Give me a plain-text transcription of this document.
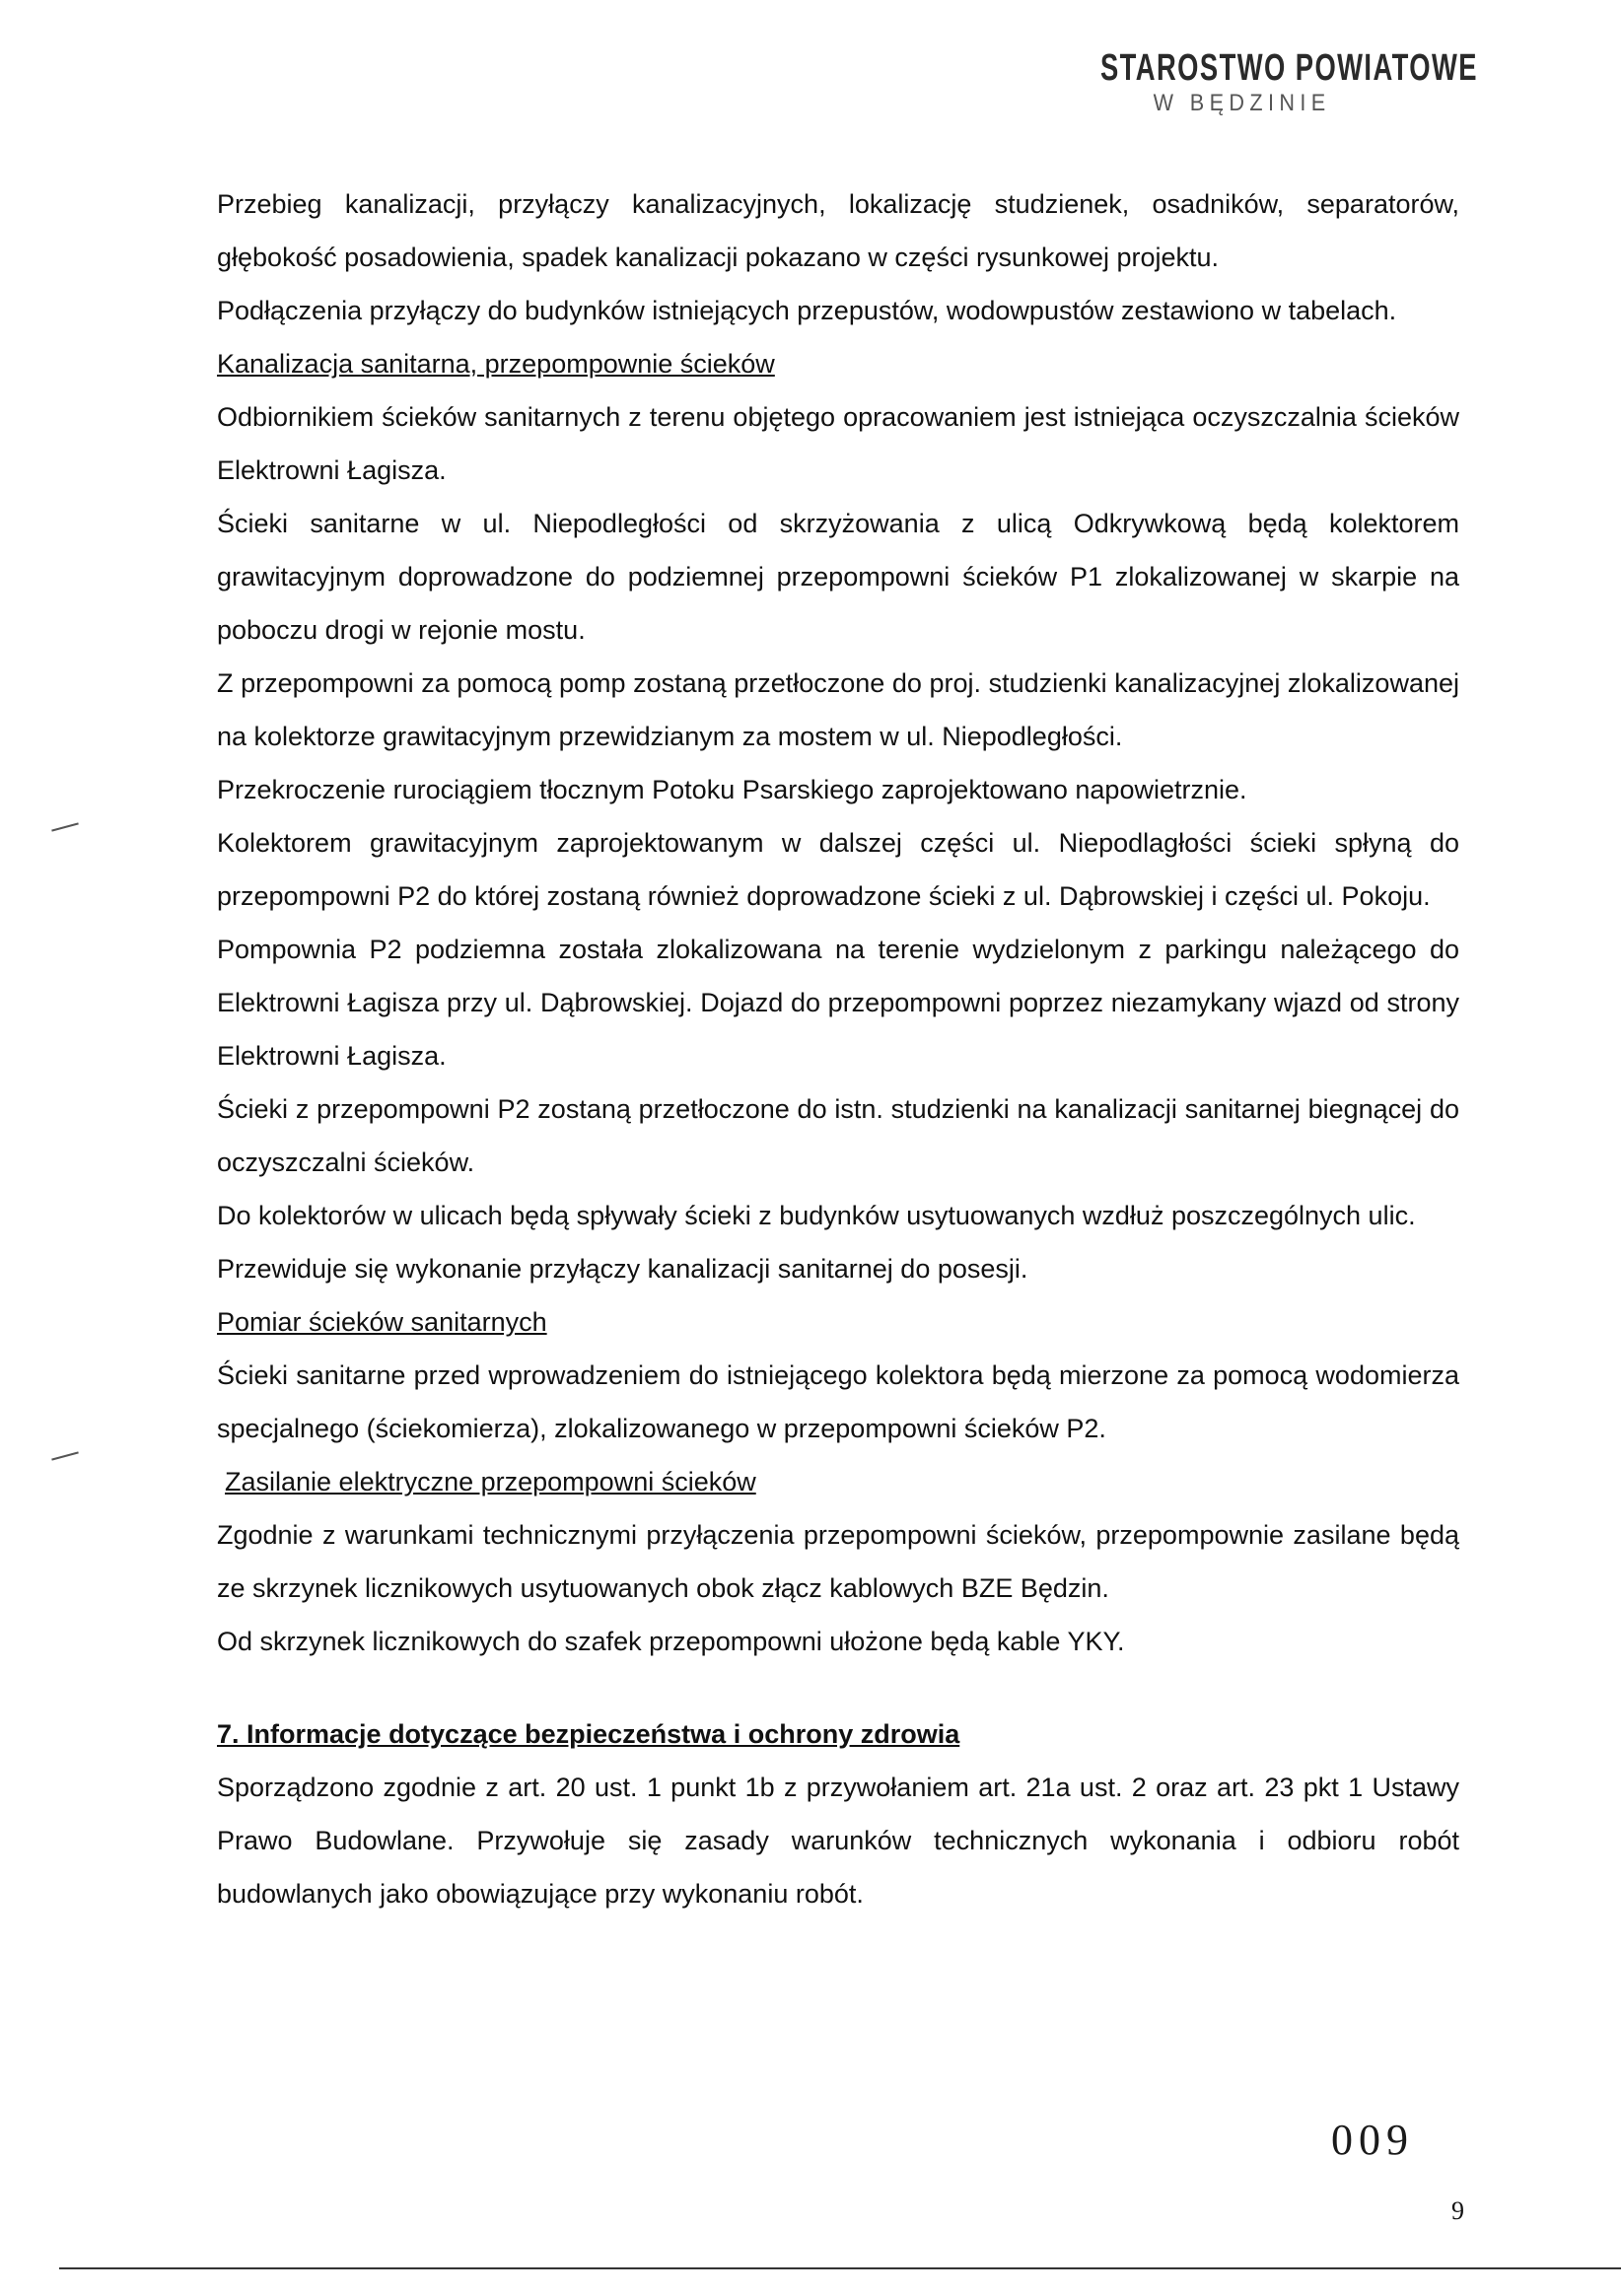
STAROSTWO POWIATOWE
W BĘDZINIE

Przebieg kanalizacji, przyłączy kanalizacyjnych, lokalizację studzienek, osadników, separatorów, głębokość posadowienia, spadek kanalizacji pokazano w części rysunkowej projektu.

Podłączenia przyłączy do budynków istniejących przepustów, wodowpustów zestawiono w tabelach.

Kanalizacja sanitarna, przepompownie ścieków

Odbiornikiem ścieków sanitarnych z terenu objętego opracowaniem jest istniejąca oczyszczalnia ścieków Elektrowni Łagisza.

Ścieki sanitarne w ul. Niepodległości od skrzyżowania z ulicą Odkrywkową będą kolektorem grawitacyjnym doprowadzone do podziemnej przepompowni ścieków P1 zlokalizowanej w skarpie na poboczu drogi w rejonie mostu.

Z przepompowni za pomocą pomp zostaną przetłoczone do proj. studzienki kanalizacyjnej zlokalizowanej na kolektorze grawitacyjnym przewidzianym za mostem w ul. Niepodległości.

Przekroczenie rurociągiem tłocznym Potoku Psarskiego zaprojektowano napowietrznie.

Kolektorem grawitacyjnym zaprojektowanym w dalszej części ul. Niepodlagłości ścieki spłyną do przepompowni P2 do której zostaną również doprowadzone ścieki z ul. Dąbrowskiej i części ul. Pokoju.

Pompownia P2 podziemna została zlokalizowana na terenie wydzielonym z parkingu należącego do Elektrowni Łagisza przy ul. Dąbrowskiej. Dojazd do przepompowni poprzez niezamykany wjazd od strony Elektrowni Łagisza.

Ścieki z przepompowni P2 zostaną przetłoczone do istn. studzienki na kanalizacji sanitarnej biegnącej do oczyszczalni ścieków.

Do kolektorów w ulicach będą spływały ścieki z budynków usytuowanych wzdłuż poszczególnych ulic.

Przewiduje się wykonanie przyłączy kanalizacji sanitarnej do posesji.

Pomiar ścieków sanitarnych

Ścieki sanitarne przed wprowadzeniem do istniejącego kolektora będą mierzone za pomocą wodomierza specjalnego (ściekomierza), zlokalizowanego w przepompowni ścieków P2.

Zasilanie elektryczne przepompowni ścieków

Zgodnie z warunkami technicznymi przyłączenia przepompowni ścieków, przepompownie zasilane będą ze skrzynek licznikowych usytuowanych obok złącz kablowych BZE Będzin.

Od skrzynek licznikowych do szafek przepompowni ułożone będą kable YKY.

7. Informacje dotyczące bezpieczeństwa i ochrony zdrowia

Sporządzono zgodnie z art. 20 ust. 1 punkt 1b z przywołaniem art. 21a ust. 2 oraz art. 23 pkt 1 Ustawy Prawo Budowlane. Przywołuje się zasady warunków technicznych wykonania i odbioru robót budowlanych jako obowiązujące przy wykonaniu robót.

009
9
